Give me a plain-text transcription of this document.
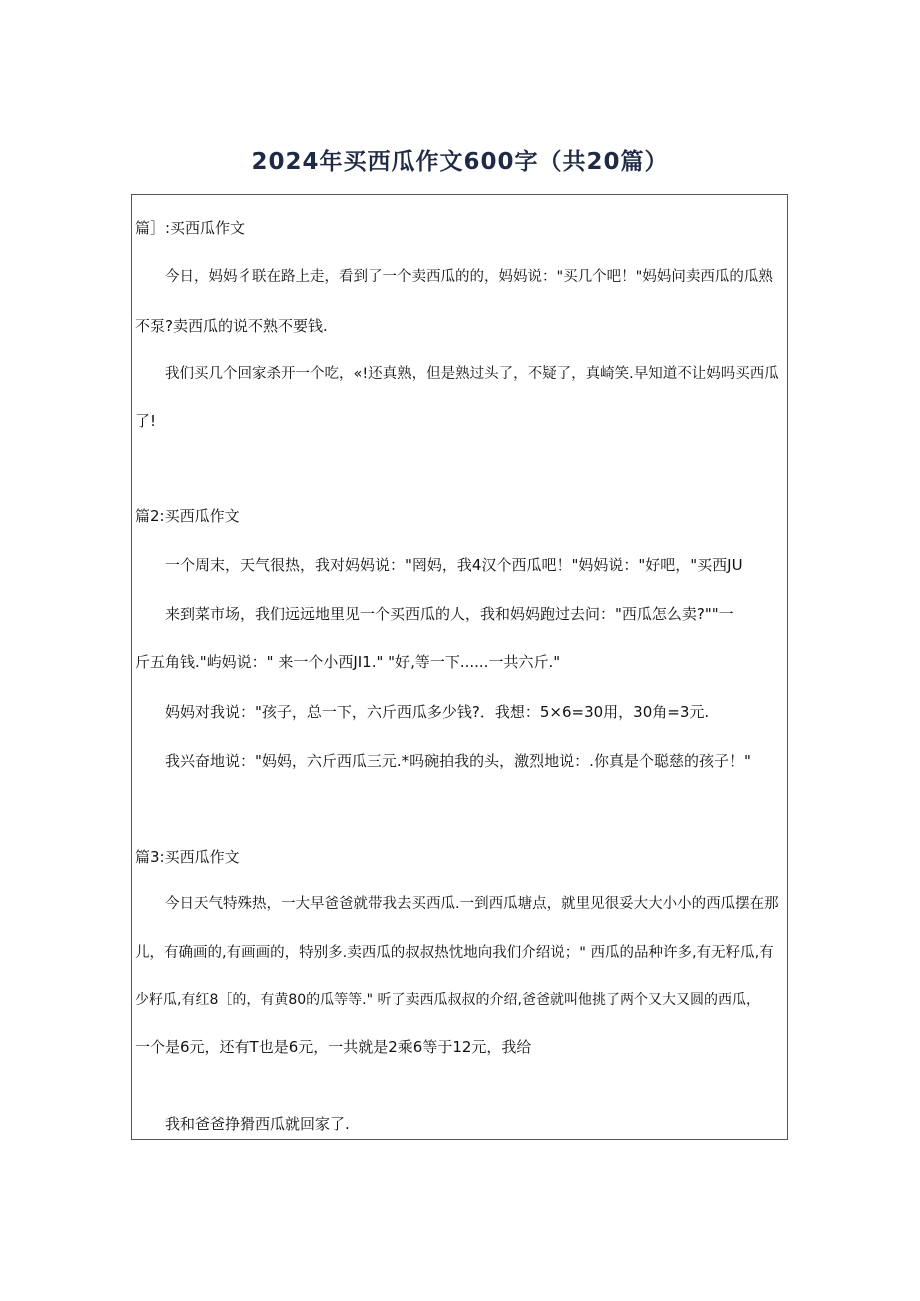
2024年买西瓜作文600字（共20篇）
篇］:买西瓜作文
今日，妈妈彳联在路上走，看到了一个卖西瓜的的，妈妈说："买几个吧！"妈妈问卖西瓜的瓜熟
不泵?卖西瓜的说不熟不要钱.
我们买几个回家杀开一个吃，«!还真熟，但是熟过头了，不疑了，真崎笑.早知道不让妈吗买西瓜
了!
篇2:买西瓜作文
一个周末，天气很热，我对妈妈说："罔妈，我4汉个西瓜吧！"妈妈说："好吧，"买西JU
来到菜市场，我们远远地里见一个买西瓜的人，我和妈妈跑过去问："西瓜怎么卖?""一
斤五角钱."屿妈说：" 来一个小西JI1." "好,等一下......一共六斤."
妈妈对我说："孩子，总一下，六斤西瓜多少钱?．我想：5×6=30用，30角=3元.
我兴奋地说："妈妈，六斤西瓜三元.*吗碗拍我的头，激烈地说：.你真是个聪慈的孩子！"
篇3:买西瓜作文
今日天气特殊热，一大早爸爸就带我去买西瓜.一到西瓜塘点，就里见很妥大大小小的西瓜摆在那
儿，有确画的,有画画的，特别多.卖西瓜的叔叔热忱地向我们介绍说；" 西瓜的品种许多,有无籽瓜,有
少籽瓜,有红8［的，有黄80的瓜等等." 听了卖西瓜叔叔的介绍,爸爸就叫他挑了两个又大又圆的西瓜，
一个是6元，还有T也是6元，一共就是2乘6等于12元，我给
我和爸爸挣猾西瓜就回家了.
